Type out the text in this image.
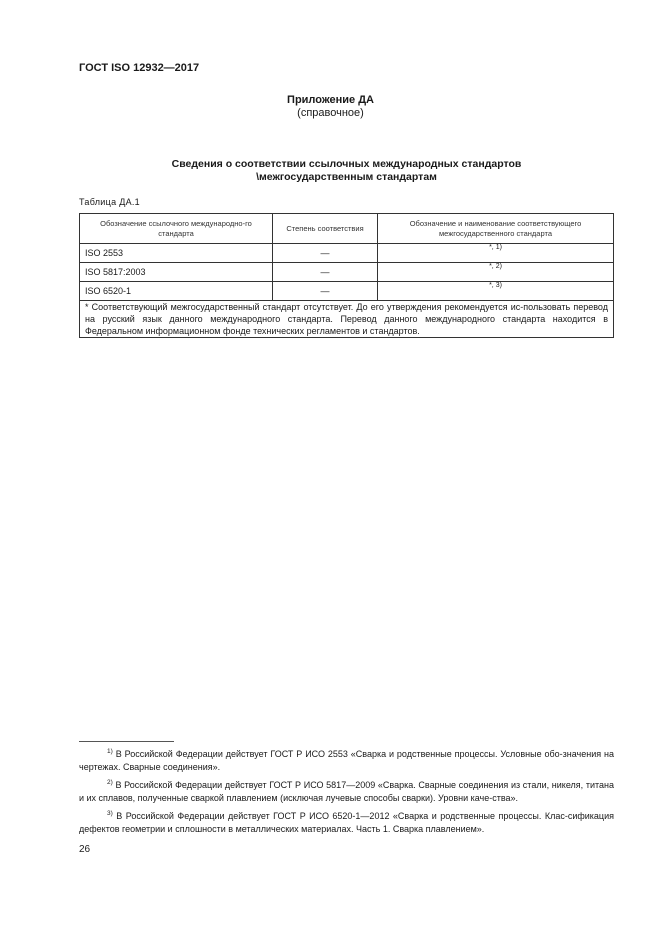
ГОСТ ISO 12932—2017
Приложение ДА
(справочное)
Сведения о соответствии ссылочных международных стандартов
\межгосударственным стандартам
Таблица ДА.1
Обозначение ссылочного международно-го стандарта	Степень соответствия	Обозначение и наименование соответствующего межгосударственного стандарта
ISO 2553	—	*, 1)
ISO 5817:2003	—	*, 2)
ISO 6520-1	—	*, 3)
* Соответствующий межгосударственный стандарт отсутствует. До его утверждения рекомендуется ис-пользовать перевод на русский язык данного международного стандарта. Перевод данного международного стандарта находится в Федеральном информационном фонде технических регламентов и стандартов.		
$^{1)}$ В Российской Федерации действует ГОСТ Р ИСО 2553 «Сварка и родственные процессы. Условные обо-значения на чертежах. Сварные соединения».
$^{2)}$ В Российской Федерации действует ГОСТ Р ИСО 5817—2009 «Сварка. Сварные соединения из стали, никеля, титана и их сплавов, полученные сваркой плавлением (исключая лучевые способы сварки). Уровни каче-ства».
$^{3)}$ В Российской Федерации действует ГОСТ Р ИСО 6520-1—2012 «Сварка и родственные процессы. Клас-сификация дефектов геометрии и сплошности в металлических материалах. Часть 1. Сварка плавлением».
26
